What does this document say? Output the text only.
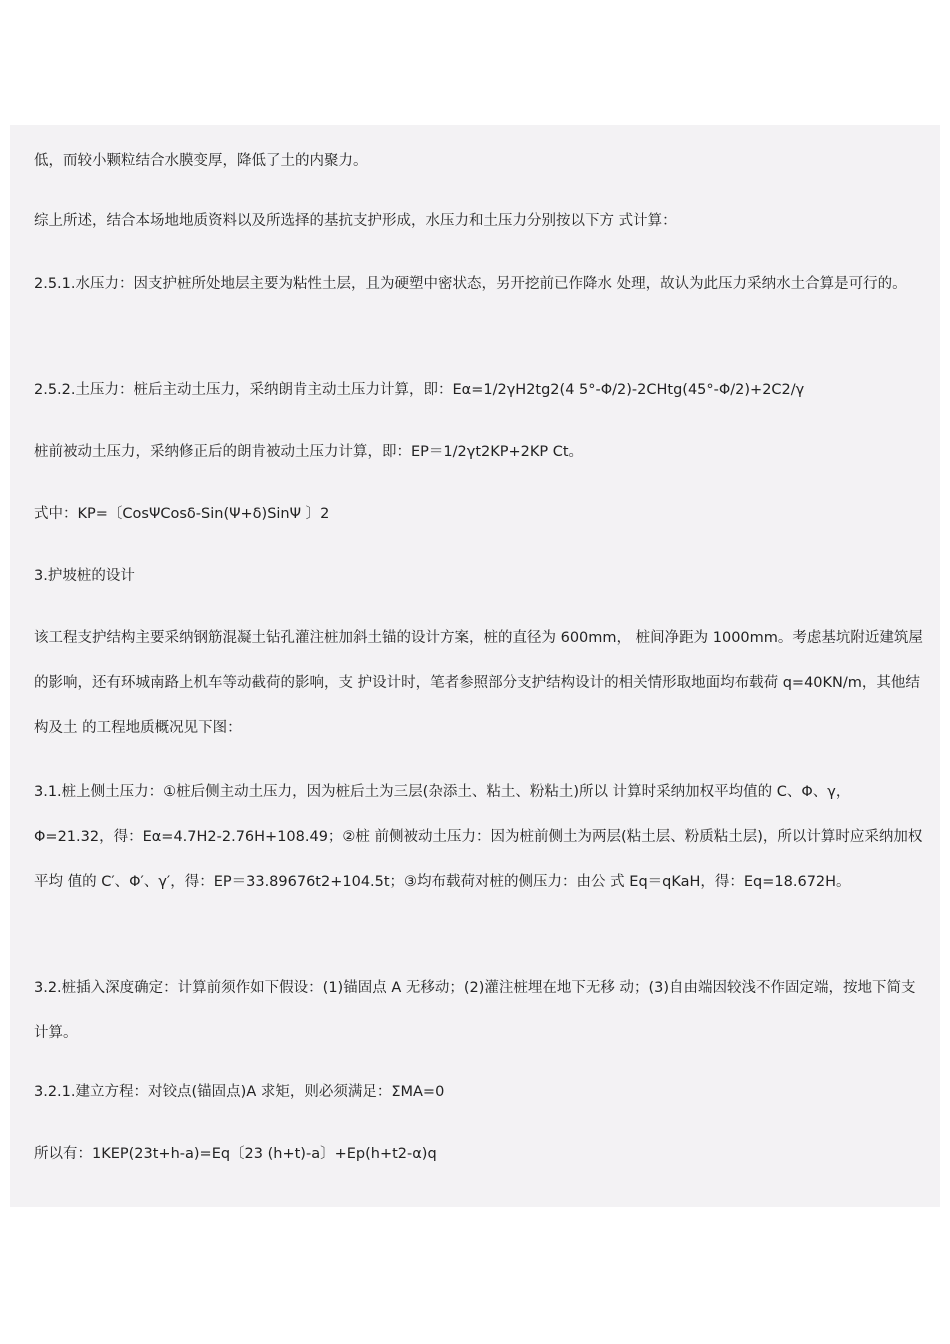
低，而较小颗粒结合水膜变厚，降低了土的内聚力。

综上所述，结合本场地地质资料以及所选择的基抗支护形成，水压力和土压力分别按以下方 式计算：

2.5.1.水压力：因支护桩所处地层主要为粘性土层，且为硬塑中密状态，另开挖前已作降水 处理，故认为此压力采纳水土合算是可行的。

2.5.2.土压力：桩后主动土压力，采纳朗肯主动土压力计算，即：Eα=1/2γH2tg2(4 5°-Φ/2)-2CHtg(45°-Φ/2)+2C2/γ

桩前被动土压力，采纳修正后的朗肯被动土压力计算，即：EP＝1/2γt2KP+2KP Ct。

式中：KP=〔CosΨCosδ-Sin(Ψ+δ)SinΨ 〕2

3.护坡桩的设计

该工程支护结构主要采纳钢筋混凝土钻孔灌注桩加斜土锚的设计方案，桩的直径为 600mm， 桩间净距为 1000mm。考虑基坑附近建筑屋的影响，还有环城南路上机车等动截荷的影响，支 护设计时，笔者参照部分支护结构设计的相关情形取地面均布载荷 q=40KN/m，其他结构及土 的工程地质概况见下图：

3.1.桩上侧土压力：①桩后侧主动土压力，因为桩后土为三层(杂添土、粘土、粉粘土)所以 计算时采纳加权平均值的 C、Φ、γ，Φ=21.32，得：Eα=4.7H2-2.76H+108.49；②桩 前侧被动土压力：因为桩前侧土为两层(粘土层、粉质粘土层)，所以计算时应采纳加权平均 值的 C′、Φ′、γ′，得：EP＝33.89676t2+104.5t；③均布载荷对桩的侧压力：由公 式 Eq＝qKaH，得：Eq=18.672H。

3.2.桩插入深度确定：计算前须作如下假设：(1)锚固点 A 无移动；(2)灌注桩埋在地下无移 动；(3)自由端因较浅不作固定端，按地下简支计算。

3.2.1.建立方程：对铰点(锚固点)A 求矩，则必须满足：ΣMA=0

所以有：1KEP(23t+h-a)=Eq〔23 (h+t)-a〕+Ep(h+t2-α)q
